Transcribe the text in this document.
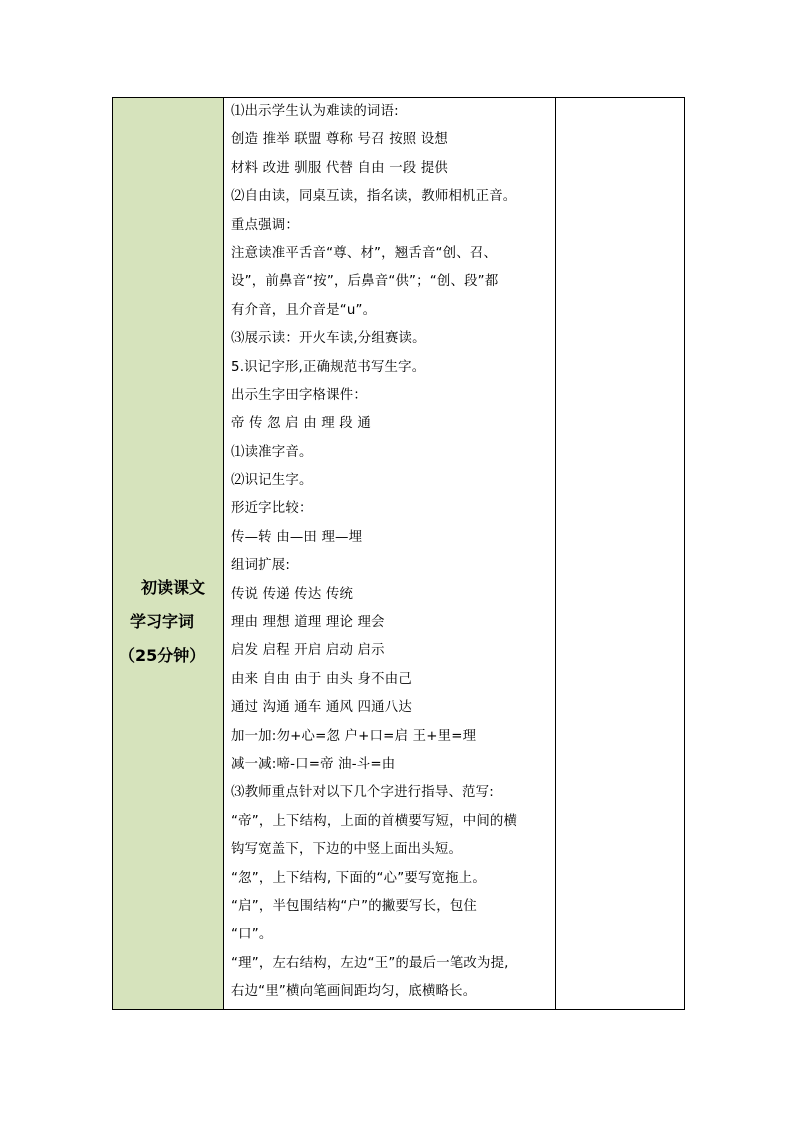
初读课文
学习字词
（25分钟）
⑴出示学生认为难读的词语:
创造 推举 联盟 尊称 号召 按照 设想
材料 改进 驯服 代替 自由 一段 提供
⑵自由读，同桌互读，指名读，教师相机正音。
重点强调：
注意读准平舌音“尊、材”，翘舌音“创、召、
设”，前鼻音“按”，后鼻音“供”；“创、段”都
有介音，且介音是“u”。
⑶展示读：开火车读,分组赛读。
5.识记字形,正确规范书写生字。
出示生字田字格课件：
帝 传 忽 启 由 理 段 通
⑴读准字音。
⑵识记生字。
形近字比较：
传—转 由—田 理—埋
组词扩展:
传说 传递 传达 传统
理由 理想 道理 理论 理会
启发 启程 开启 启动 启示
由来 自由 由于 由头 身不由己
通过 沟通 通车 通风 四通八达
加一加:勿+心=忽 户+口=启 王+里=理
减一减:啼-口=帝 油-斗=由
⑶教师重点针对以下几个字进行指导、范写:
“帝”，上下结构，上面的首横要写短，中间的横
钩写宽盖下，下边的中竖上面出头短。
“忽”，上下结构, 下面的“心”要写宽拖上。
“启”，半包围结构“户”的撇要写长，包住
“口”。
“理”，左右结构，左边“王”的最后一笔改为提,
右边“里”横向笔画间距均匀，底横略长。
